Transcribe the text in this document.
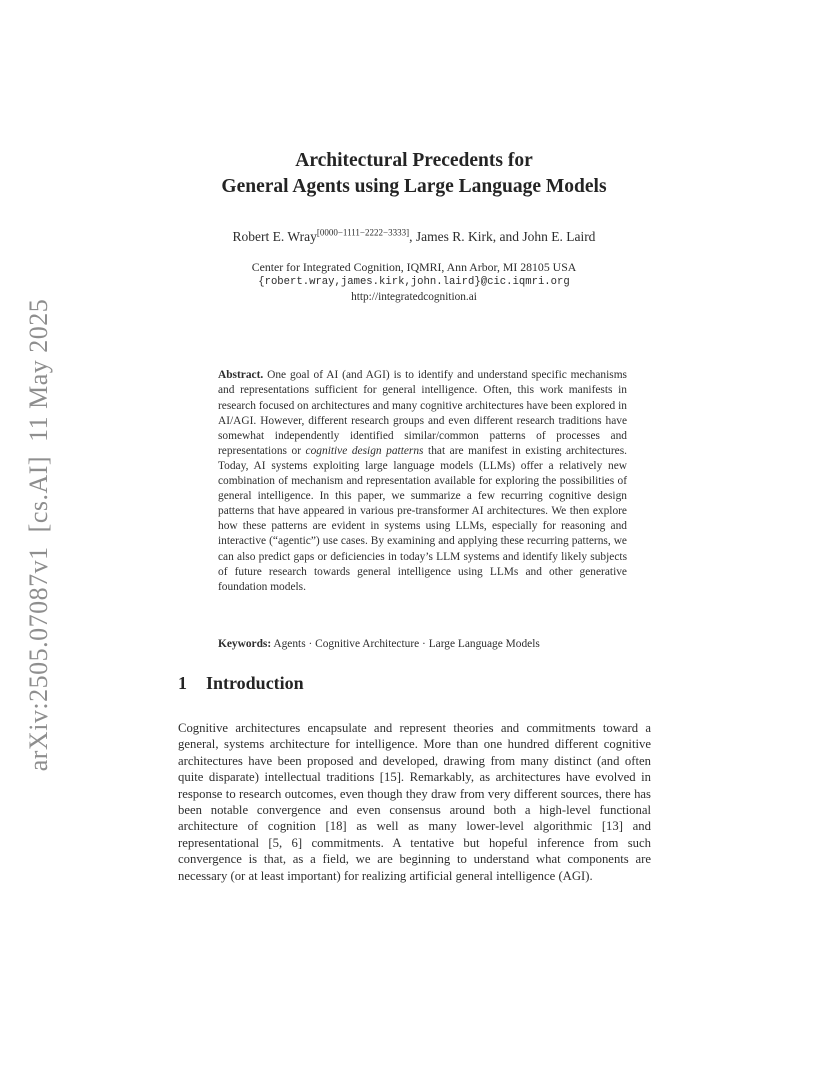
arXiv:2505.07087v1  [cs.AI]  11 May 2025
Architectural Precedents for
General Agents using Large Language Models
Robert E. Wray[0000−1111−2222−3333], James R. Kirk, and John E. Laird
Center for Integrated Cognition, IQMRI, Ann Arbor, MI 28105 USA
{robert.wray,james.kirk,john.laird}@cic.iqmri.org
http://integratedcognition.ai

Abstract. One goal of AI (and AGI) is to identify and understand specific mechanisms and representations sufficient for general intelligence. Often, this work manifests in research focused on architectures and many cognitive architectures have been explored in AI/AGI. However, different research groups and even different research traditions have somewhat independently identified similar/common patterns of processes and representations or cognitive design patterns that are manifest in existing architectures. Today, AI systems exploiting large language models (LLMs) offer a relatively new combination of mechanism and representation available for exploring the possibilities of general intelligence. In this paper, we summarize a few recurring cognitive design patterns that have appeared in various pre-transformer AI architectures. We then explore how these patterns are evident in systems using LLMs, especially for reasoning and interactive (“agentic”) use cases. By examining and applying these recurring patterns, we can also predict gaps or deficiencies in today’s LLM systems and identify likely subjects of future research towards general intelligence using LLMs and other generative foundation models.

Keywords: Agents · Cognitive Architecture · Large Language Models

1 Introduction

Cognitive architectures encapsulate and represent theories and commitments toward a general, systems architecture for intelligence. More than one hundred different cognitive architectures have been proposed and developed, drawing from many distinct (and often quite disparate) intellectual traditions [15]. Remarkably, as architectures have evolved in response to research outcomes, even though they draw from very different sources, there has been notable convergence and even consensus around both a high-level functional architecture of cognition [18] as well as many lower-level algorithmic [13] and representational [5, 6] commitments. A tentative but hopeful inference from such convergence is that, as a field, we are beginning to understand what components are necessary (or at least important) for realizing artificial general intelligence (AGI).
